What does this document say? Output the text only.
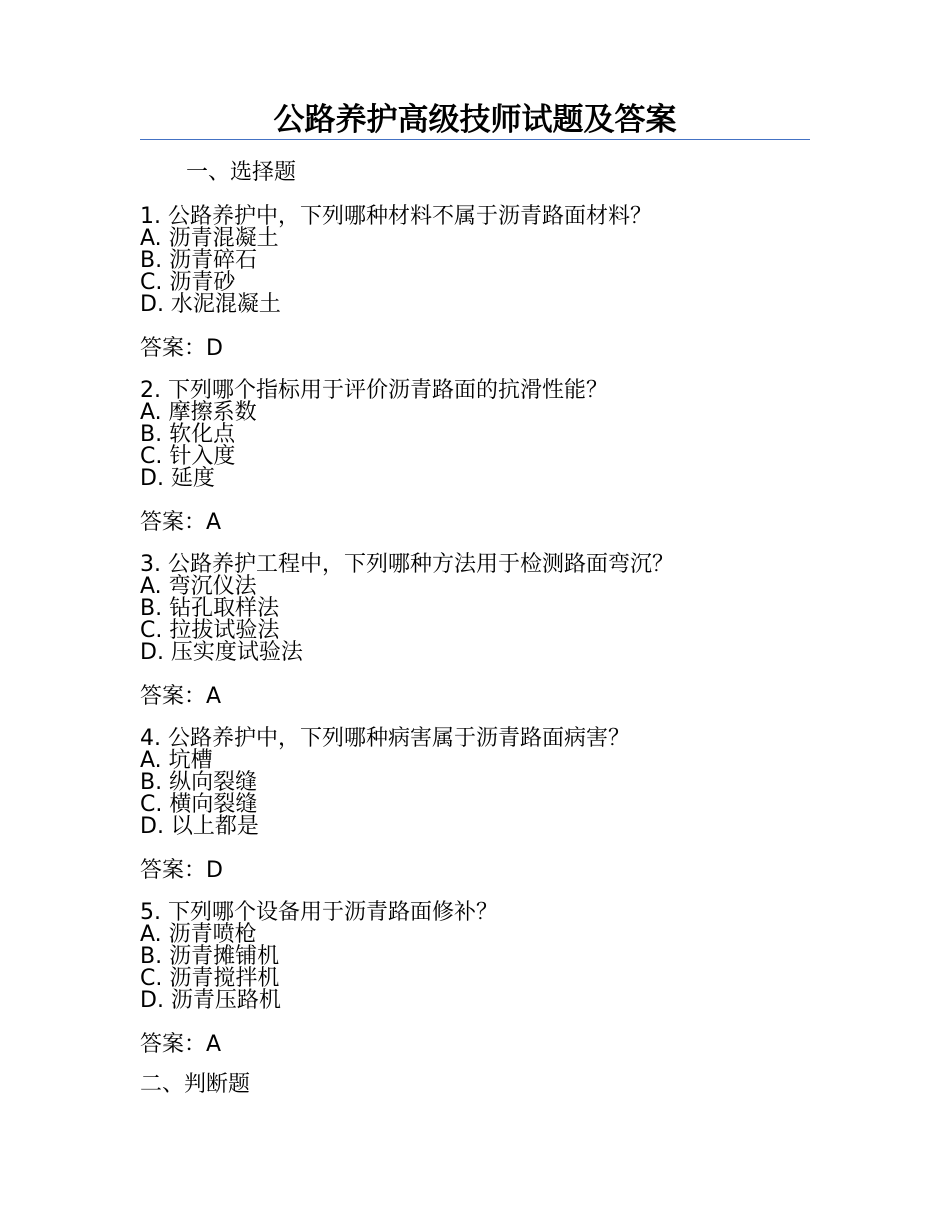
公路养护高级技师试题及答案
一、选择题
1. 公路养护中，下列哪种材料不属于沥青路面材料？
A. 沥青混凝土
B. 沥青碎石
C. 沥青砂
D. 水泥混凝土
答案：D
2. 下列哪个指标用于评价沥青路面的抗滑性能？
A. 摩擦系数
B. 软化点
C. 针入度
D. 延度
答案：A
3. 公路养护工程中，下列哪种方法用于检测路面弯沉？
A. 弯沉仪法
B. 钻孔取样法
C. 拉拔试验法
D. 压实度试验法
答案：A
4. 公路养护中，下列哪种病害属于沥青路面病害？
A. 坑槽
B. 纵向裂缝
C. 横向裂缝
D. 以上都是
答案：D
5. 下列哪个设备用于沥青路面修补？
A. 沥青喷枪
B. 沥青摊铺机
C. 沥青搅拌机
D. 沥青压路机
答案：A
二、判断题
